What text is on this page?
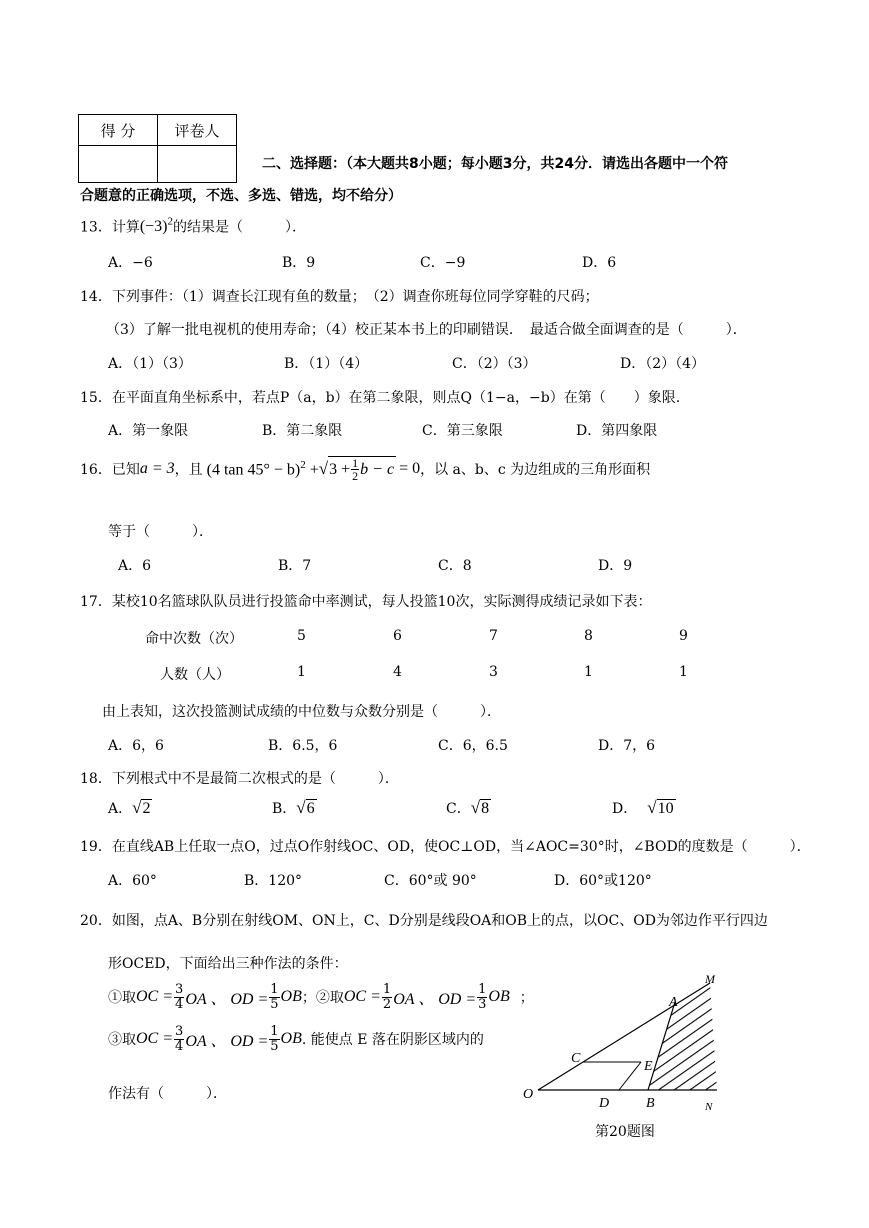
得 分	评卷人

二、选择题：（本大题共8小题；每小题3分，共24分．请选出各题中一个符
合题意的正确选项，不选、多选、错选，均不给分）
13．计算$(-3)^2$的结果是（　　　）．
A．−6	B．9	C．−9	D．6
14．下列事件：（1）调查长江现有鱼的数量；　（2）调查你班每位同学穿鞋的尺码；
（3）了解一批电视机的使用寿命；（4）校正某本书上的印刷错误．　最适合做全面调查的是（　　　）．
A．（1）（3）	B．（1）（4）	C．（2）（3）	D．（2）（4）
15．在平面直角坐标系中，若点P（a，b）在第二象限，则点Q（1−a，−b）在第（　　）象限.
A．第一象限	B．第二象限	C．第三象限	D．第四象限
16．已知 a = 3 ，且 (4 tan 45° − b)$^2$ + √ $3 + \frac{1}{2}$ b − c = 0 ，以 a、b、c 为边组成的三角形面积
等于（　　　）．
A．6	B．7	C．8	D．9
17．某校10名篮球队队员进行投篮命中率测试，每人投篮10次，实际测得成绩记录如下表：
命中次数（次）	5	6	7	8	9
人数（人）	1	4	3	1	1
由上表知，这次投篮测试成绩的中位数与众数分别是（　　　）．
A．6，6	B．6.5，6	C．6，6.5	D．7，6
18．下列根式中不是最简二次根式的是（　　　）．
A． √ 2	B． √ 6	C． √ 8	D． √ 10
19．在直线AB上任取一点O，过点O作射线OC、OD，使OC⊥OD，当∠AOC=30°时，∠BOD的度数是（　　　）．
A．60°	B．120°	C．60°或 90°	D．60°或120°
20．如图，点A、B分别在射线OM、ON上，C、D分别是线段OA和OB上的点，以OC、OD为邻边作平行四边
形OCED，下面给出三种作法的条件：
①取 OC = $\frac{3}{4}$ OA 、 OD = $\frac{1}{5}$ OB ；②取 OC = $\frac{1}{2}$ OA 、 OD = $\frac{1}{3}$ OB ；
③取 OC = $\frac{3}{4}$ OA 、 OD = $\frac{1}{5}$ OB . 能使点 E 落在阴影区域内的
作法有（　　　）．
M
A
C
E
O
D	B	N
第20题图
